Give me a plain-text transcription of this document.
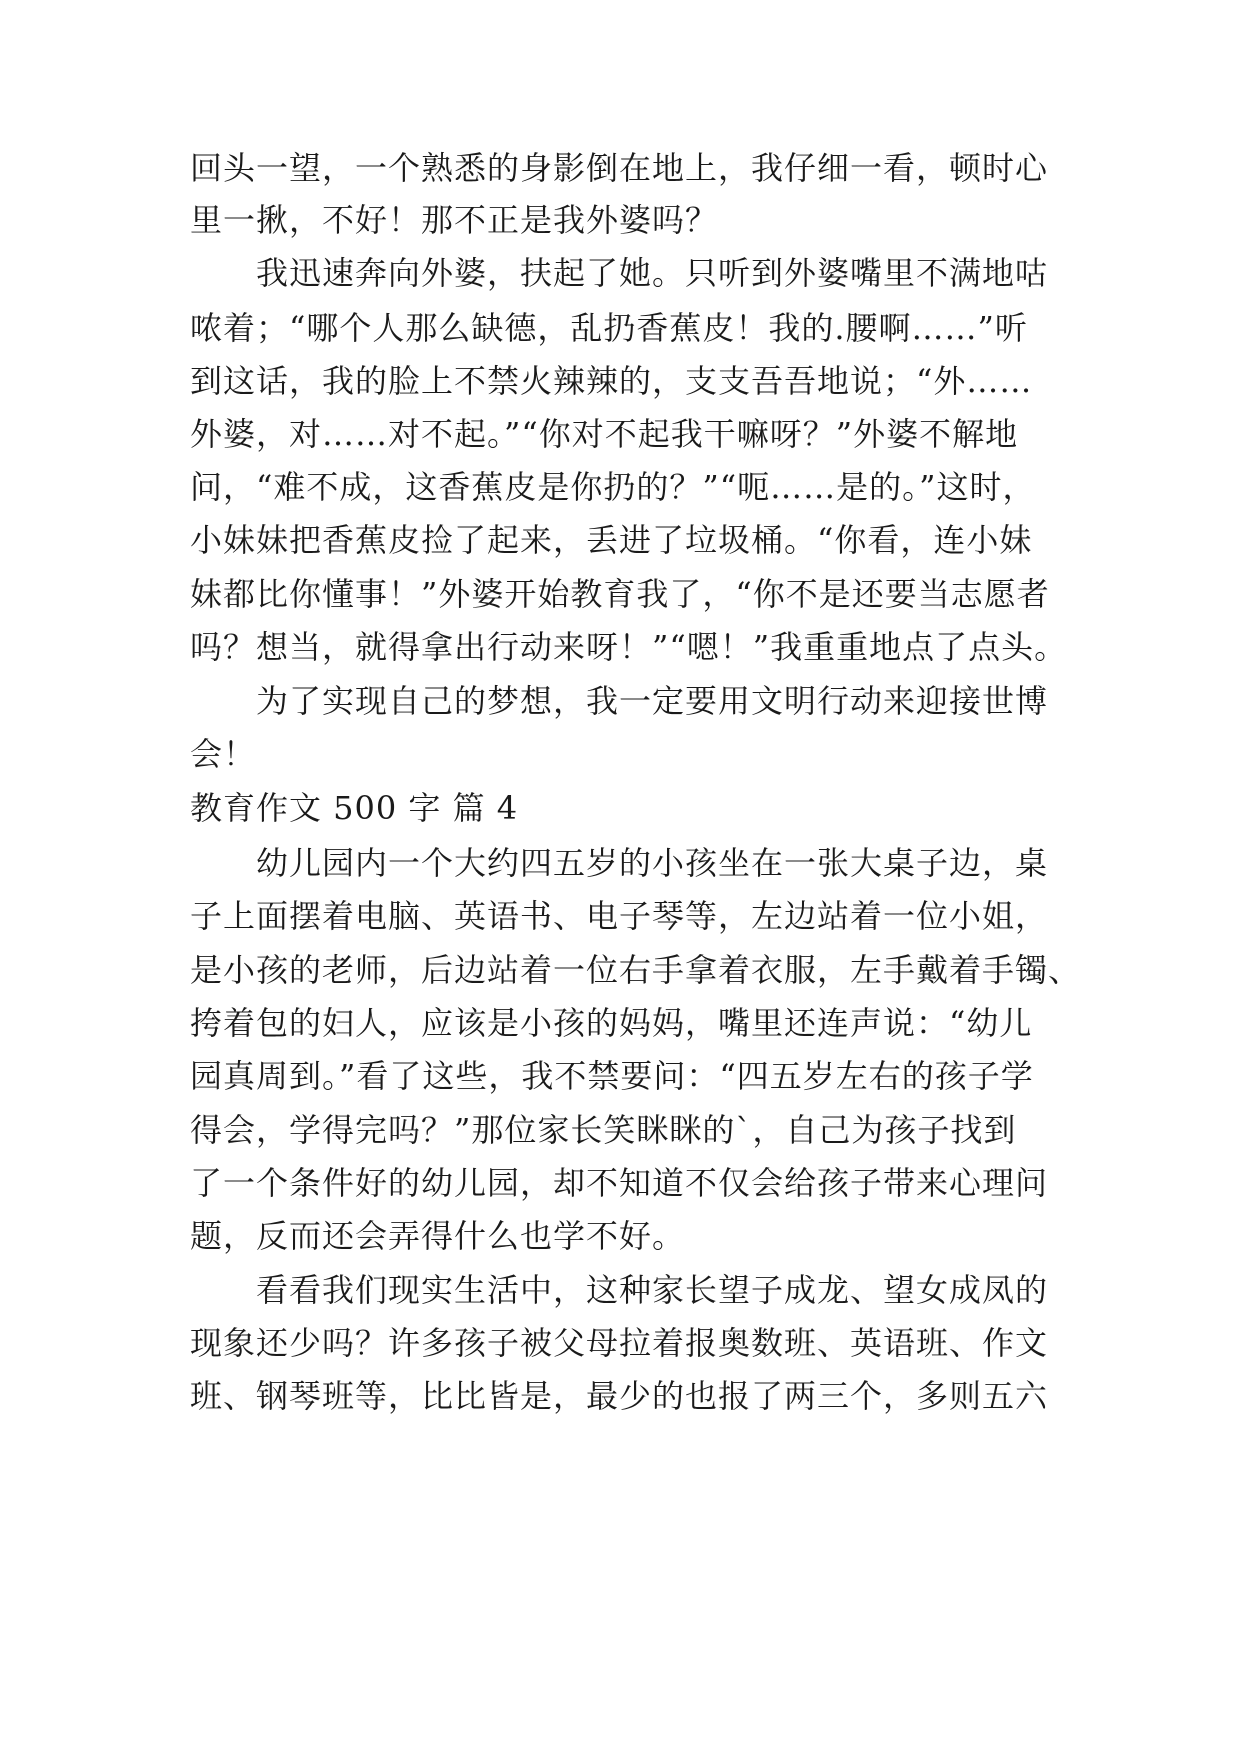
回头一望，一个熟悉的身影倒在地上，我仔细一看，顿时心
里一揪，不好！那不正是我外婆吗？
我迅速奔向外婆，扶起了她。只听到外婆嘴里不满地咕
哝着；“哪个人那么缺德，乱扔香蕉皮！我的.腰啊……”听
到这话，我的脸上不禁火辣辣的，支支吾吾地说；“外……
外婆，对……对不起。”“你对不起我干嘛呀？”外婆不解地
问，“难不成，这香蕉皮是你扔的？”“呃……是的。”这时，
小妹妹把香蕉皮捡了起来，丢进了垃圾桶。“你看，连小妹
妹都比你懂事！”外婆开始教育我了，“你不是还要当志愿者
吗？想当，就得拿出行动来呀！”“嗯！”我重重地点了点头。
为了实现自己的梦想，我一定要用文明行动来迎接世博
会！
教育作文 500 字 篇 4
幼儿园内一个大约四五岁的小孩坐在一张大桌子边，桌
子上面摆着电脑、英语书、电子琴等，左边站着一位小姐，
是小孩的老师，后边站着一位右手拿着衣服，左手戴着手镯、
挎着包的妇人，应该是小孩的妈妈，嘴里还连声说：“幼儿
园真周到。”看了这些，我不禁要问：“四五岁左右的孩子学
得会，学得完吗？”那位家长笑眯眯的`，自己为孩子找到
了一个条件好的幼儿园，却不知道不仅会给孩子带来心理问
题，反而还会弄得什么也学不好。
看看我们现实生活中，这种家长望子成龙、望女成凤的
现象还少吗？许多孩子被父母拉着报奥数班、英语班、作文
班、钢琴班等，比比皆是，最少的也报了两三个，多则五六
